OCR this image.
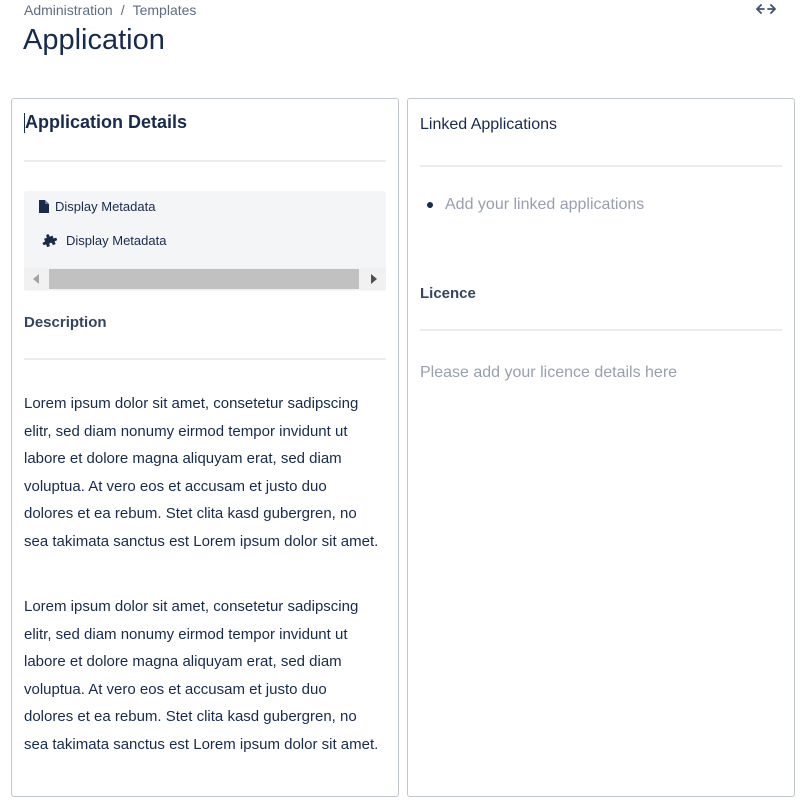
Administration / Templates
Application
Application Details
Display Metadata
Display Metadata
Description

Lorem ipsum dolor sit amet, consetetur sadipscing elitr, sed diam nonumy eirmod tempor invidunt ut labore et dolore magna aliquyam erat, sed diam voluptua. At vero eos et accusam et justo duo dolores et ea rebum. Stet clita kasd gubergren, no sea takimata sanctus est Lorem ipsum dolor sit amet.

Lorem ipsum dolor sit amet, consetetur sadipscing elitr, sed diam nonumy eirmod tempor invidunt ut labore et dolore magna aliquyam erat, sed diam voluptua. At vero eos et accusam et justo duo dolores et ea rebum. Stet clita kasd gubergren, no sea takimata sanctus est Lorem ipsum dolor sit amet.

Linked Applications
Add your linked applications
Licence
Please add your licence details here
